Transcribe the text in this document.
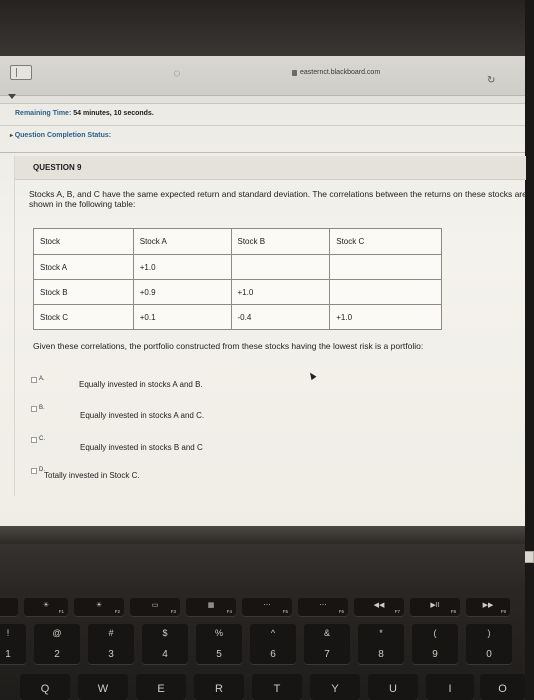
◌	easternct.blackboard.com
↻
Remaining Time: 54 minutes, 10 seconds.
▸ Question Completion Status:
QUESTION 9
Stocks A, B, and C have the same expected return and standard deviation. The correlations between the returns on these stocks are shown in the following table:
Stock	Stock A	Stock B	Stock C
Stock A	+1.0		
Stock B	+0.9	+1.0	
Stock C	+0.1	-0.4	+1.0
Given these correlations, the portfolio constructed from these stocks having the lowest risk is a portfolio:
A.
Equally invested in stocks A and B.
B.
Equally invested in stocks A and C.
C.
Equally invested in stocks B and C
D.
Totally invested in Stock C.
☀
F1
☀
F2
▭
F3
▦
F4
⋯
F5
⋯
F6
◀◀
F7
▶II
F8
▶▶
F9
!
1
@
2
#
3
$
4
%
5
^
6
&
7
*
8
(
9
)
0
Q	W	E	R	T	Y	U	I	O
